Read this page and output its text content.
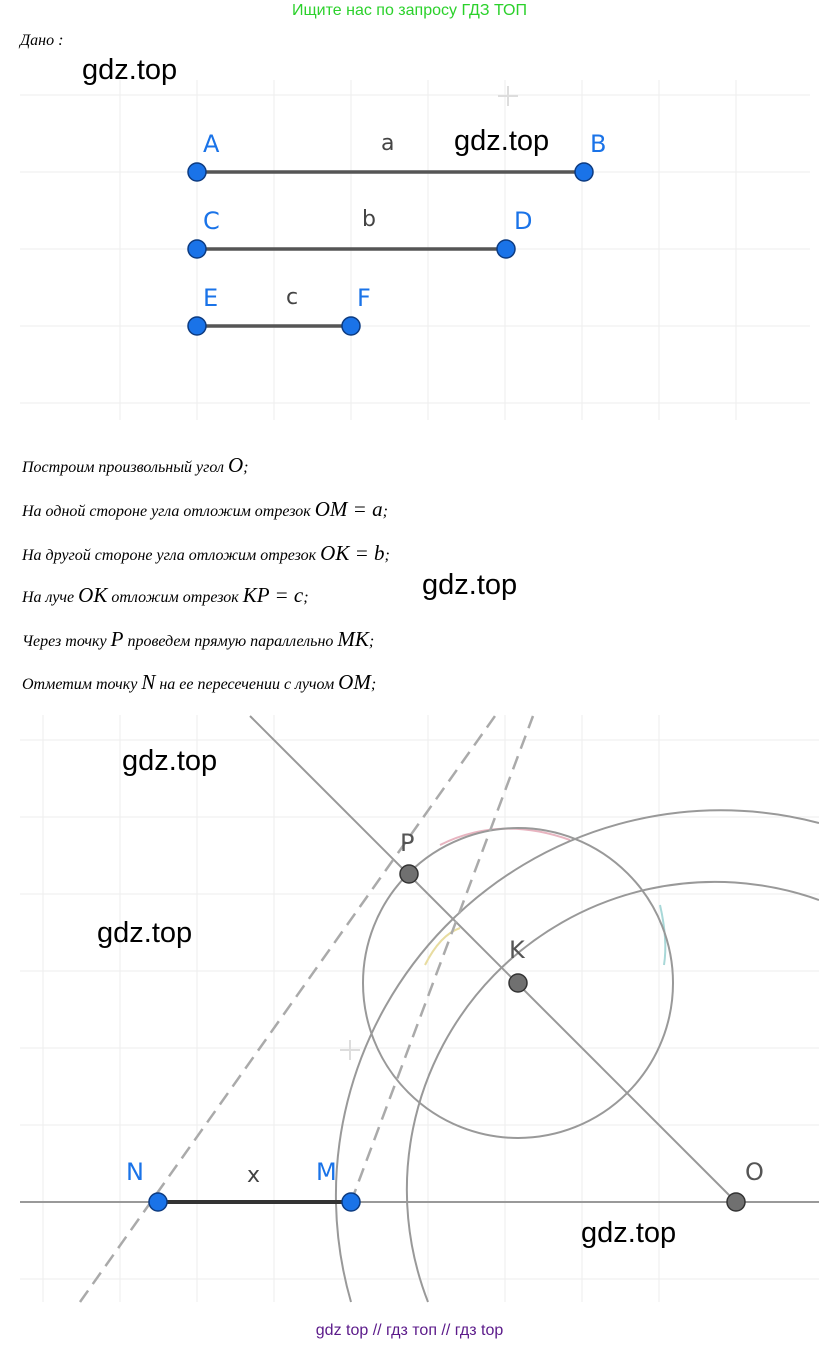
Ищите нас по запросу ГДЗ ТОП
Дано :
A	B
C	D
E	F
a
b
c
gdz.top
gdz.top
Построим произвольный угол O;
На одной стороне угла отложим отрезок OM = a;
На другой стороне угла отложим отрезок OK = b;
На луче OK отложим отрезок KP = c;
Через точку P проведем прямую параллельно MK;
Отметим точку N на ее пересечении с лучом OM;
gdz.top
P
K
N	M	O
x
gdz.top
gdz.top
gdz.top
gdz top // гдз топ // гдз top
